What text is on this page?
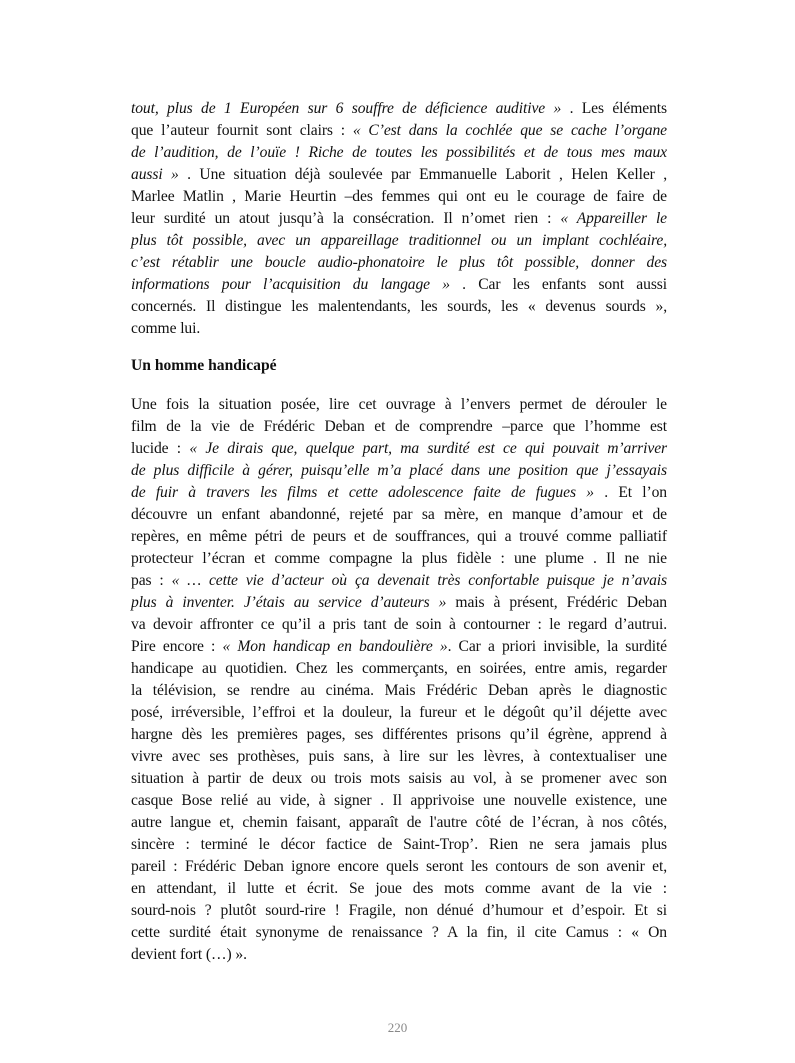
tout, plus de 1 Européen sur 6 souffre de déficience auditive » . Les éléments
que l’auteur fournit sont clairs : « C’est dans la cochlée que se cache l’organe
de l’audition, de l’ouïe ! Riche de toutes les possibilités et de tous mes maux
aussi » . Une situation déjà soulevée par Emmanuelle Laborit , Helen Keller ,
Marlee Matlin , Marie Heurtin –des femmes qui ont eu le courage de faire de
leur surdité un atout jusqu’à la consécration. Il n’omet rien : « Appareiller le
plus tôt possible, avec un appareillage traditionnel ou un implant cochléaire,
c’est rétablir une boucle audio-phonatoire le plus tôt possible, donner des
informations pour l’acquisition du langage » . Car les enfants sont aussi
concernés. Il distingue les malentendants, les sourds, les « devenus sourds »,
comme lui.
Un homme handicapé
Une fois la situation posée, lire cet ouvrage à l’envers permet de dérouler le
film de la vie de Frédéric Deban et de comprendre –parce que l’homme est
lucide : « Je dirais que, quelque part, ma surdité est ce qui pouvait m’arriver
de plus difficile à gérer, puisqu’elle m’a placé dans une position que j’essayais
de fuir à travers les films et cette adolescence faite de fugues » . Et l’on
découvre un enfant abandonné, rejeté par sa mère, en manque d’amour et de
repères, en même pétri de peurs et de souffrances, qui a trouvé comme palliatif
protecteur l’écran et comme compagne la plus fidèle : une plume . Il ne nie
pas : « … cette vie d’acteur où ça devenait très confortable puisque je n’avais
plus à inventer. J’étais au service d’auteurs » mais à présent, Frédéric Deban
va devoir affronter ce qu’il a pris tant de soin à contourner : le regard d’autrui.
Pire encore : « Mon handicap en bandoulière ». Car a priori invisible, la surdité
handicape au quotidien. Chez les commerçants, en soirées, entre amis, regarder
la télévision, se rendre au cinéma. Mais Frédéric Deban après le diagnostic
posé, irréversible, l’effroi et la douleur, la fureur et le dégoût qu’il déjette avec
hargne dès les premières pages, ses différentes prisons qu’il égrène, apprend à
vivre avec ses prothèses, puis sans, à lire sur les lèvres, à contextualiser une
situation à partir de deux ou trois mots saisis au vol, à se promener avec son
casque Bose relié au vide, à signer . Il apprivoise une nouvelle existence, une
autre langue et, chemin faisant, apparaît de l'autre côté de l’écran, à nos côtés,
sincère : terminé le décor factice de Saint-Trop’. Rien ne sera jamais plus
pareil : Frédéric Deban ignore encore quels seront les contours de son avenir et,
en attendant, il lutte et écrit. Se joue des mots comme avant de la vie :
sourd-nois ? plutôt sourd-rire ! Fragile, non dénué d’humour et d’espoir. Et si
cette surdité était synonyme de renaissance ? A la fin, il cite Camus : « On
devient fort (…) ».
220
